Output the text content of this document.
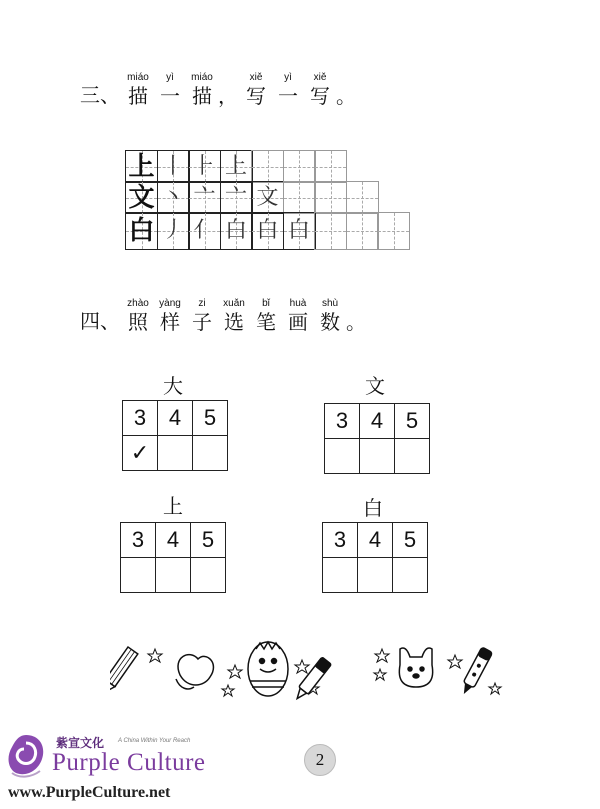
三、
miáo
描
yì
一
miáo
描 ，
xiě
写
yì
一
xiě
写 。
上 丨 ⺊ 上
文 丶 亠 ⼇ 文
白 丿 亻 白 白 白
四、
zhào
照
yàng
样
zi
子
xuǎn
选
bǐ
笔
huà
画
shù
数 。
大
3	4	5
✓		
文
3	4	5

上
3	4	5

白
3	4	5

紫宣文化 A China Within Your Reach
Purple Culture
www.PurpleCulture.net
2
